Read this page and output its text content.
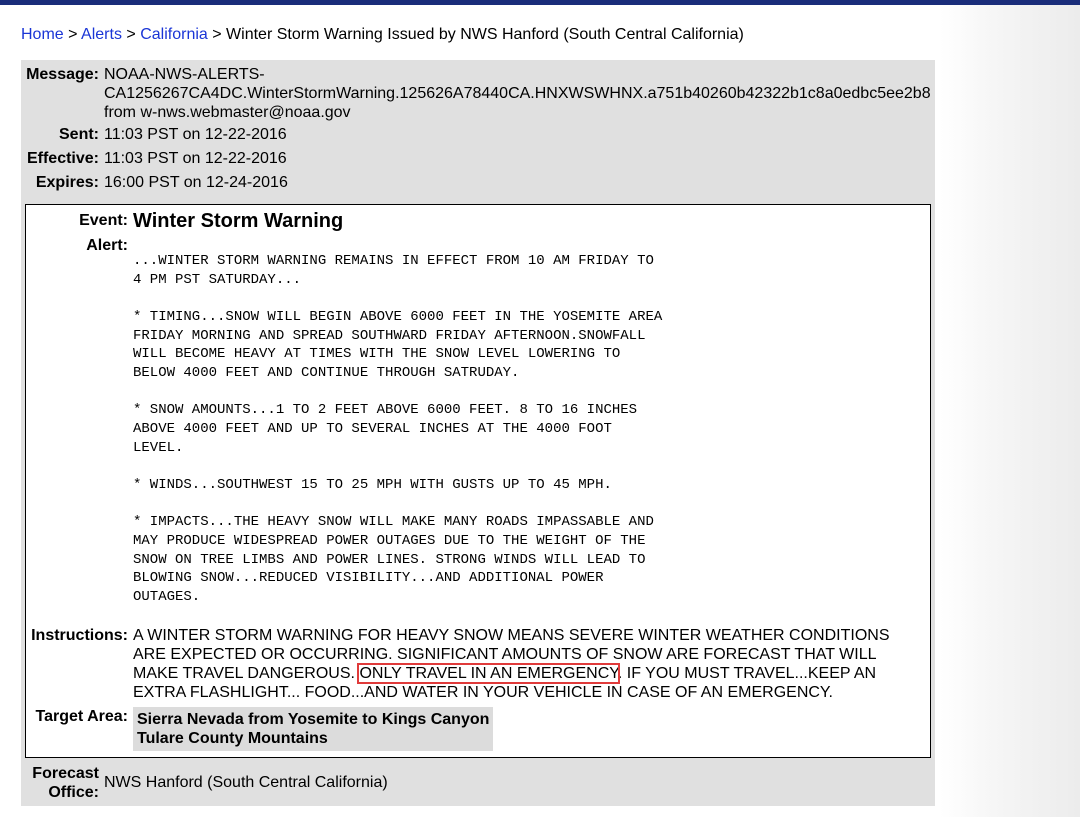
Home > Alerts > California > Winter Storm Warning Issued by NWS Hanford (South Central California)
Message: NOAA-NWS-ALERTS-
CA1256267CA4DC.WinterStormWarning.125626A78440CA.HNXWSWHNX.a751b40260b42322b1c8a0edbc5ee2b8
from w-nws.webmaster@noaa.gov
Sent: 11:03 PST on 12-22-2016
Effective: 11:03 PST on 12-22-2016
Expires: 16:00 PST on 12-24-2016
Event: Winter Storm Warning
Alert:
...WINTER STORM WARNING REMAINS IN EFFECT FROM 10 AM FRIDAY TO
4 PM PST SATURDAY...

* TIMING...SNOW WILL BEGIN ABOVE 6000 FEET IN THE YOSEMITE AREA
FRIDAY MORNING AND SPREAD SOUTHWARD FRIDAY AFTERNOON.SNOWFALL
WILL BECOME HEAVY AT TIMES WITH THE SNOW LEVEL LOWERING TO
BELOW 4000 FEET AND CONTINUE THROUGH SATRUDAY.

* SNOW AMOUNTS...1 TO 2 FEET ABOVE 6000 FEET. 8 TO 16 INCHES
ABOVE 4000 FEET AND UP TO SEVERAL INCHES AT THE 4000 FOOT
LEVEL.

* WINDS...SOUTHWEST 15 TO 25 MPH WITH GUSTS UP TO 45 MPH.

* IMPACTS...THE HEAVY SNOW WILL MAKE MANY ROADS IMPASSABLE AND
MAY PRODUCE WIDESPREAD POWER OUTAGES DUE TO THE WEIGHT OF THE
SNOW ON TREE LIMBS AND POWER LINES. STRONG WINDS WILL LEAD TO
BLOWING SNOW...REDUCED VISIBILITY...AND ADDITIONAL POWER
OUTAGES.
Instructions: A WINTER STORM WARNING FOR HEAVY SNOW MEANS SEVERE WINTER WEATHER CONDITIONS ARE EXPECTED OR OCCURRING. SIGNIFICANT AMOUNTS OF SNOW ARE FORECAST THAT WILL MAKE TRAVEL DANGEROUS. ONLY TRAVEL IN AN EMERGENCY. IF YOU MUST TRAVEL...KEEP AN EXTRA FLASHLIGHT... FOOD...AND WATER IN YOUR VEHICLE IN CASE OF AN EMERGENCY.
Target Area: Sierra Nevada from Yosemite to Kings Canyon
Tulare County Mountains
Forecast
Office:
NWS Hanford (South Central California)
